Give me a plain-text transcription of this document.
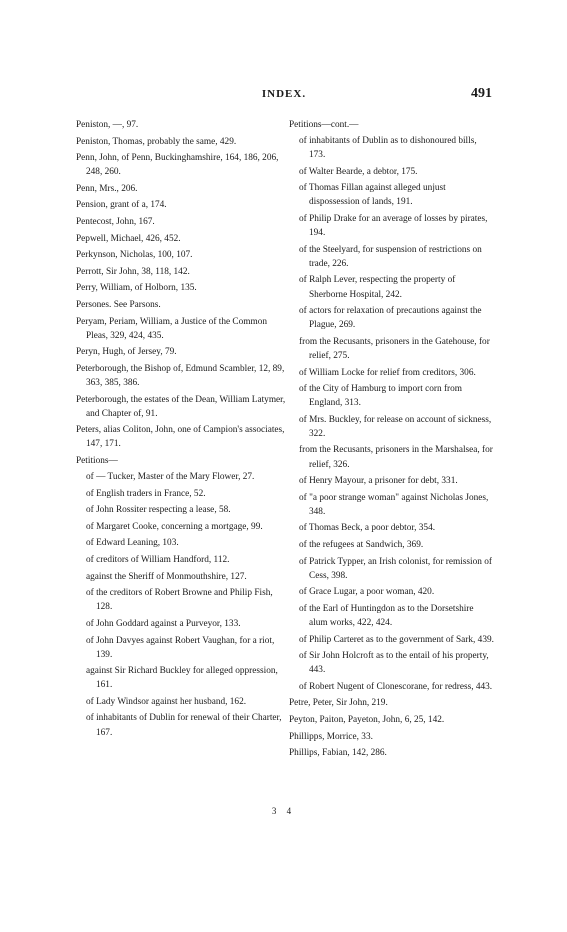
INDEX.	491

Peniston, —, 97.

Peniston, Thomas, probably the same, 429.

Penn, John, of Penn, Buckinghamshire, 164, 186, 206, 248, 260.

Penn, Mrs., 206.

Pension, grant of a, 174.

Pentecost, John, 167.

Pepwell, Michael, 426, 452.

Perkynson, Nicholas, 100, 107.

Perrott, Sir John, 38, 118, 142.

Perry, William, of Holborn, 135.

Persones. See Parsons.

Peryam, Periam, William, a Justice of the Common Pleas, 329, 424, 435.

Peryn, Hugh, of Jersey, 79.

Peterborough, the Bishop of, Edmund Scambler, 12, 89, 363, 385, 386.

Peterborough, the estates of the Dean, William Latymer, and Chapter of, 91.

Peters, alias Coliton, John, one of Campion's associates, 147, 171.

Petitions—

of — Tucker, Master of the Mary Flower, 27.

of English traders in France, 52.

of John Rossiter respecting a lease, 58.

of Margaret Cooke, concerning a mortgage, 99.

of Edward Leaning, 103.

of creditors of William Handford, 112.

against the Sheriff of Monmouthshire, 127.

of the creditors of Robert Browne and Philip Fish, 128.

of John Goddard against a Purveyor, 133.

of John Davyes against Robert Vaughan, for a riot, 139.

against Sir Richard Buckley for alleged oppression, 161.

of Lady Windsor against her husband, 162.

of inhabitants of Dublin for renewal of their Charter, 167.

Petitions—cont.—

of inhabitants of Dublin as to dishonoured bills, 173.

of Walter Bearde, a debtor, 175.

of Thomas Fillan against alleged unjust dispossession of lands, 191.

of Philip Drake for an average of losses by pirates, 194.

of the Steelyard, for suspension of restrictions on trade, 226.

of Ralph Lever, respecting the property of Sherborne Hospital, 242.

of actors for relaxation of precautions against the Plague, 269.

from the Recusants, prisoners in the Gatehouse, for relief, 275.

of William Locke for relief from creditors, 306.

of the City of Hamburg to import corn from England, 313.

of Mrs. Buckley, for release on account of sickness, 322.

from the Recusants, prisoners in the Marshalsea, for relief, 326.

of Henry Mayour, a prisoner for debt, 331.

of "a poor strange woman" against Nicholas Jones, 348.

of Thomas Beck, a poor debtor, 354.

of the refugees at Sandwich, 369.

of Patrick Typper, an Irish colonist, for remission of Cess, 398.

of Grace Lugar, a poor woman, 420.

of the Earl of Huntingdon as to the Dorsetshire alum works, 422, 424.

of Philip Carteret as to the government of Sark, 439.

of Sir John Holcroft as to the entail of his property, 443.

of Robert Nugent of Clonescorane, for redress, 443.

Petre, Peter, Sir John, 219.

Peyton, Paiton, Payeton, John, 6, 25, 142.

Phillipps, Morrice, 33.

Phillips, Fabian, 142, 286.

3 4
